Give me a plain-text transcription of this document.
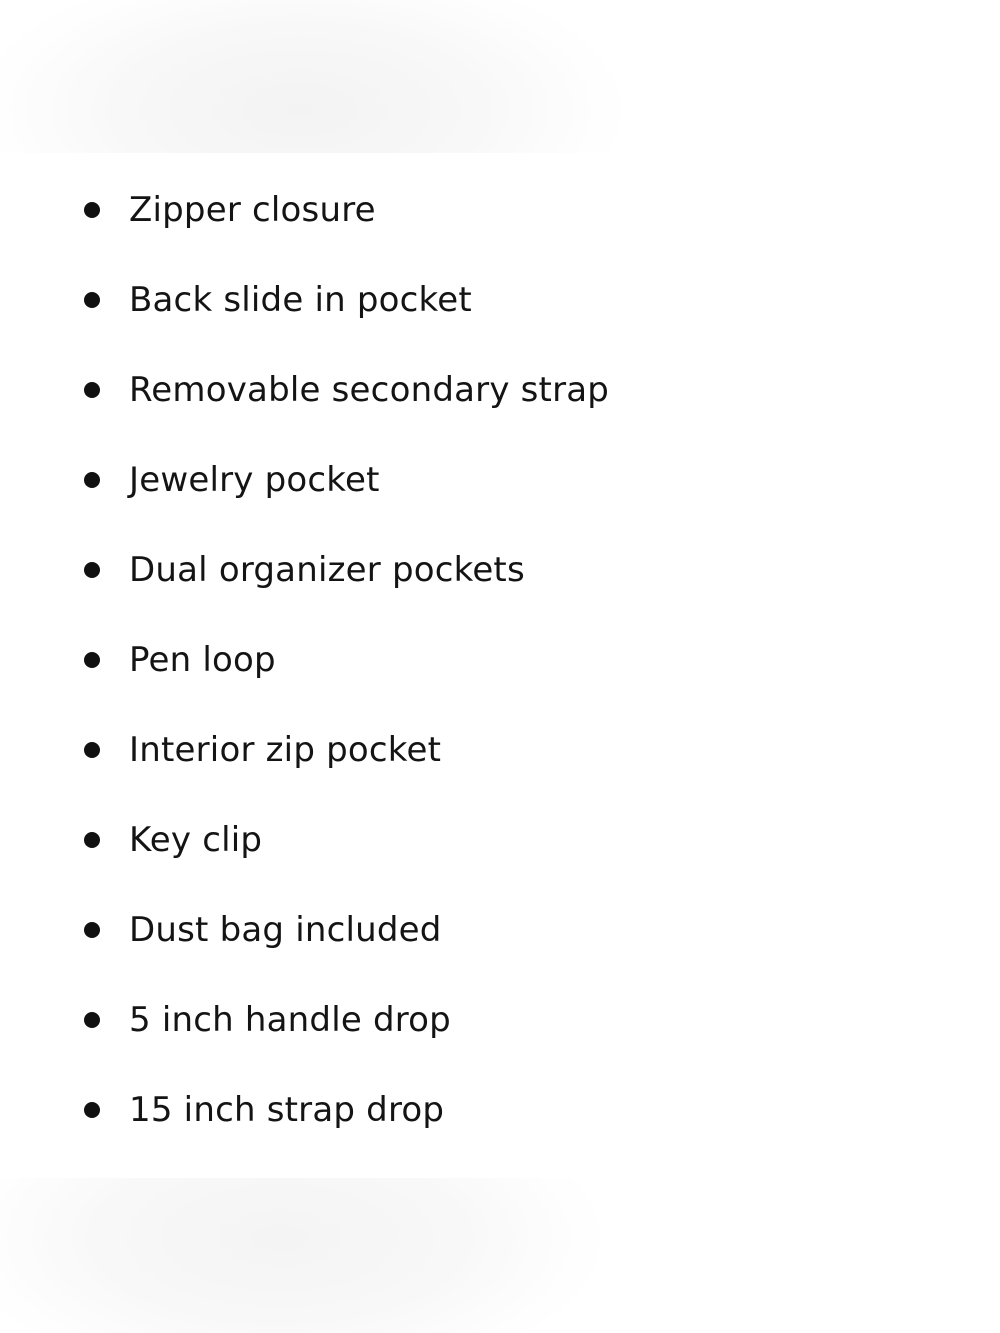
Zipper closure
Back slide in pocket
Removable secondary strap
Jewelry pocket
Dual organizer pockets
Pen loop
Interior zip pocket
Key clip
Dust bag included
5 inch handle drop
15 inch strap drop
